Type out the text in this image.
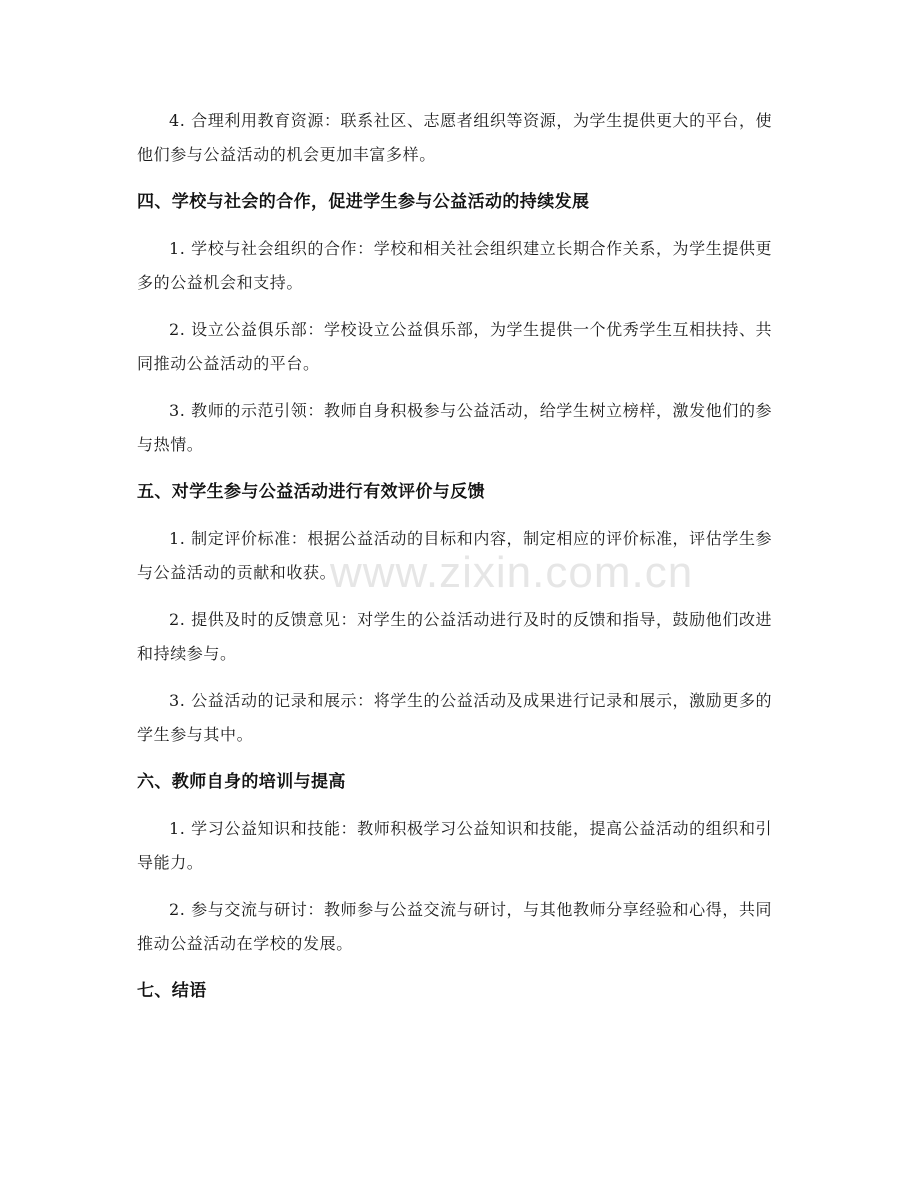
www.zixin.com.cn

4. 合理利用教育资源：联系社区、志愿者组织等资源，为学生提供更大的平台，使他们参与公益活动的机会更加丰富多样。

四、学校与社会的合作，促进学生参与公益活动的持续发展

1. 学校与社会组织的合作：学校和相关社会组织建立长期合作关系，为学生提供更多的公益机会和支持。

2. 设立公益俱乐部：学校设立公益俱乐部，为学生提供一个优秀学生互相扶持、共同推动公益活动的平台。

3. 教师的示范引领：教师自身积极参与公益活动，给学生树立榜样，激发他们的参与热情。

五、对学生参与公益活动进行有效评价与反馈

1. 制定评价标准：根据公益活动的目标和内容，制定相应的评价标准，评估学生参与公益活动的贡献和收获。

2. 提供及时的反馈意见：对学生的公益活动进行及时的反馈和指导，鼓励他们改进和持续参与。

3. 公益活动的记录和展示：将学生的公益活动及成果进行记录和展示，激励更多的学生参与其中。

六、教师自身的培训与提高

1. 学习公益知识和技能：教师积极学习公益知识和技能，提高公益活动的组织和引导能力。

2. 参与交流与研讨：教师参与公益交流与研讨，与其他教师分享经验和心得，共同推动公益活动在学校的发展。

七、结语
